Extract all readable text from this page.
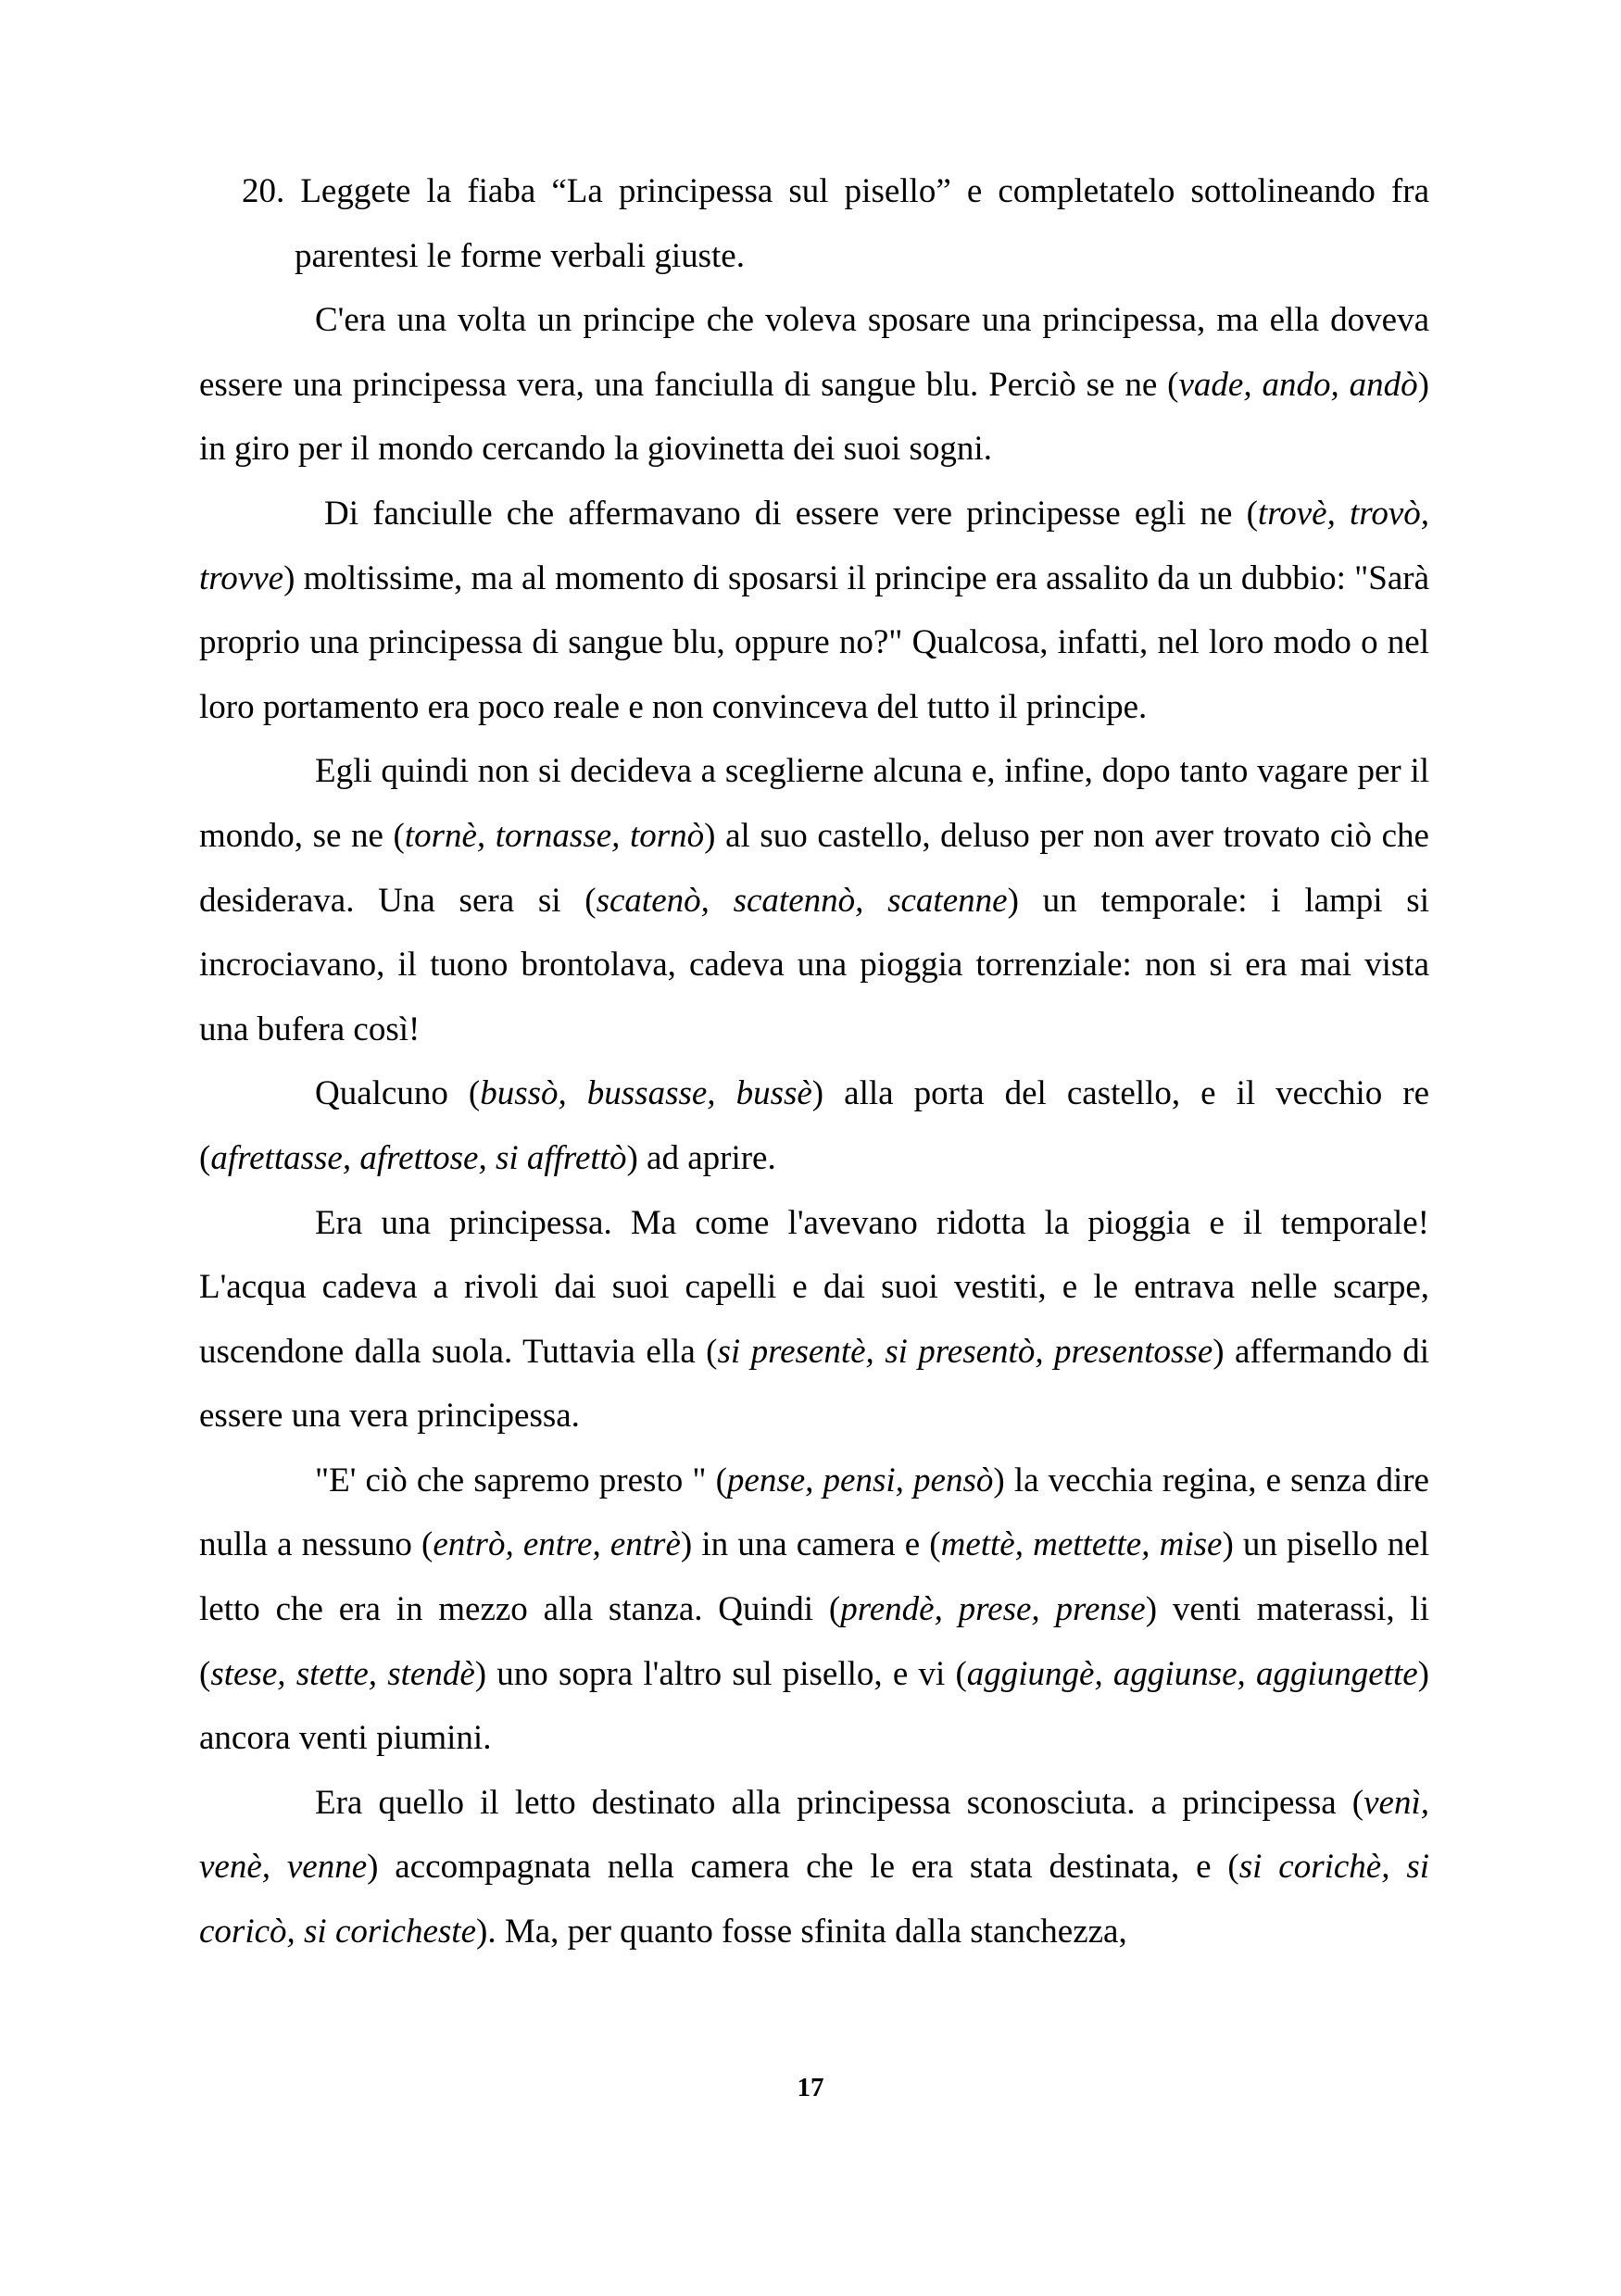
20. Leggete la fiaba “La principessa sul pisello” e completatelo sottolineando fra parentesi le forme verbali giuste.

C'era una volta un principe che voleva sposare una principessa, ma ella doveva essere una principessa vera, una fanciulla di sangue blu. Perciò se ne (vade, ando, andò) in giro per il mondo cercando la giovinetta dei suoi sogni.

Di fanciulle che affermavano di essere vere principesse egli ne (trovè, trovò, trovve) moltissime, ma al momento di sposarsi il principe era assalito da un dubbio: "Sarà proprio una principessa di sangue blu, oppure no?" Qualcosa, infatti, nel loro modo o nel loro portamento era poco reale e non convinceva del tutto il principe.

Egli quindi non si decideva a sceglierne alcuna e, infine, dopo tanto vagare per il mondo, se ne (tornè, tornasse, tornò) al suo castello, deluso per non aver trovato ciò che desiderava. Una sera si (scatenò, scatennò, scatenne) un temporale: i lampi si incrociavano, il tuono brontolava, cadeva una pioggia torrenziale: non si era mai vista una bufera così!

Qualcuno (bussò, bussasse, bussè) alla porta del castello, e il vecchio re (afrettasse, afrettose, si affrettò) ad aprire.

Era una principessa. Ma come l'avevano ridotta la pioggia e il temporale! L'acqua cadeva a rivoli dai suoi capelli e dai suoi vestiti, e le entrava nelle scarpe, uscendone dalla suola. Tuttavia ella (si presentè, si presentò, presentosse) affermando di essere una vera principessa.

"E' ciò che sapremo presto " (pense, pensi, pensò) la vecchia regina, e senza dire nulla a nessuno (entrò, entre, entrè) in una camera e (mettè, mettette, mise) un pisello nel letto che era in mezzo alla stanza. Quindi (prendè, prese, prense) venti materassi, li (stese, stette, stendè) uno sopra l'altro sul pisello, e vi (aggiungè, aggiunse, aggiungette) ancora venti piumini.

Era quello il letto destinato alla principessa sconosciuta. a principessa (venì, venè, venne) accompagnata nella camera che le era stata destinata, e (si corichè, si coricò, si coricheste). Ma, per quanto fosse sfinita dalla stanchezza,

17
